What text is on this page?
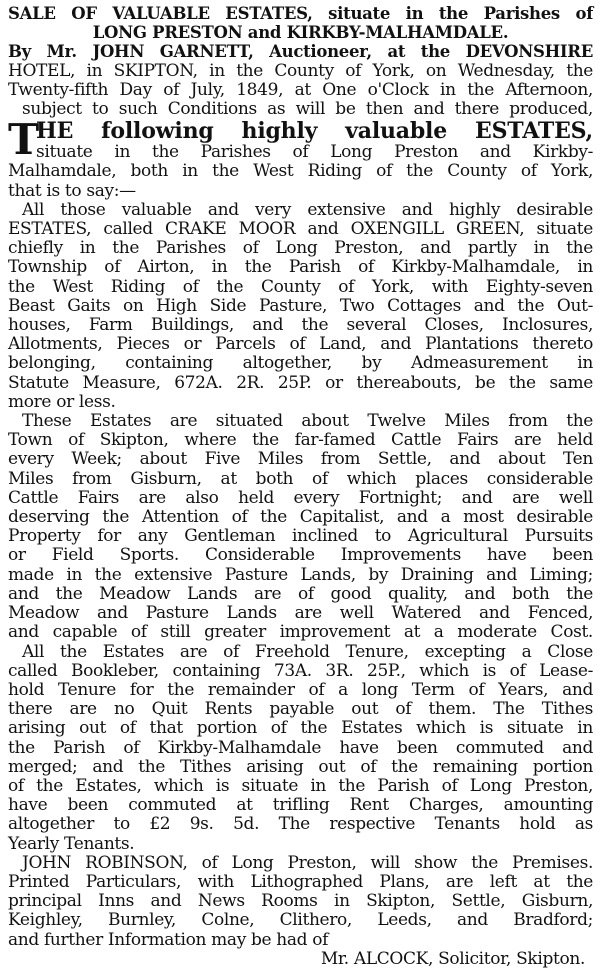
SALE OF VALUABLE ESTATES, situate in the Parishes of
LONG PRESTON and KIRKBY-MALHAMDALE.
By Mr. JOHN GARNETT, Auctioneer, at the DEVONSHIRE
HOTEL, in SKIPTON, in the County of York, on Wednesday, the
Twenty-fifth Day of July, 1849, at One o'Clock in the Afternoon,
subject to such Conditions as will be then and there produced,
T
HE following highly valuable ESTATES,
situate in the Parishes of Long Preston and Kirkby-
Malhamdale, both in the West Riding of the County of York,
that is to say:—
All those valuable and very extensive and highly desirable
ESTATES, called CRAKE MOOR and OXENGILL GREEN, situate
chiefly in the Parishes of Long Preston, and partly in the
Township of Airton, in the Parish of Kirkby-Malhamdale, in
the West Riding of the County of York, with Eighty-seven
Beast Gaits on High Side Pasture, Two Cottages and the Out-
houses, Farm Buildings, and the several Closes, Inclosures,
Allotments, Pieces or Parcels of Land, and Plantations thereto
belonging, containing altogether, by Admeasurement in
Statute Measure, 672A. 2R. 25P. or thereabouts, be the same
more or less.
These Estates are situated about Twelve Miles from the
Town of Skipton, where the far-famed Cattle Fairs are held
every Week; about Five Miles from Settle, and about Ten
Miles from Gisburn, at both of which places considerable
Cattle Fairs are also held every Fortnight; and are well
deserving the Attention of the Capitalist, and a most desirable
Property for any Gentleman inclined to Agricultural Pursuits
or Field Sports. Considerable Improvements have been
made in the extensive Pasture Lands, by Draining and Liming;
and the Meadow Lands are of good quality, and both the
Meadow and Pasture Lands are well Watered and Fenced,
and capable of still greater improvement at a moderate Cost.
All the Estates are of Freehold Tenure, excepting a Close
called Bookleber, containing 73A. 3R. 25P., which is of Lease-
hold Tenure for the remainder of a long Term of Years, and
there are no Quit Rents payable out of them. The Tithes
arising out of that portion of the Estates which is situate in
the Parish of Kirkby-Malhamdale have been commuted and
merged; and the Tithes arising out of the remaining portion
of the Estates, which is situate in the Parish of Long Preston,
have been commuted at trifling Rent Charges, amounting
altogether to £2 9s. 5d. The respective Tenants hold as
Yearly Tenants.
JOHN ROBINSON, of Long Preston, will show the Premises.
Printed Particulars, with Lithographed Plans, are left at the
principal Inns and News Rooms in Skipton, Settle, Gisburn,
Keighley, Burnley, Colne, Clithero, Leeds, and Bradford;
and further Information may be had of
Mr. ALCOCK, Solicitor, Skipton.
